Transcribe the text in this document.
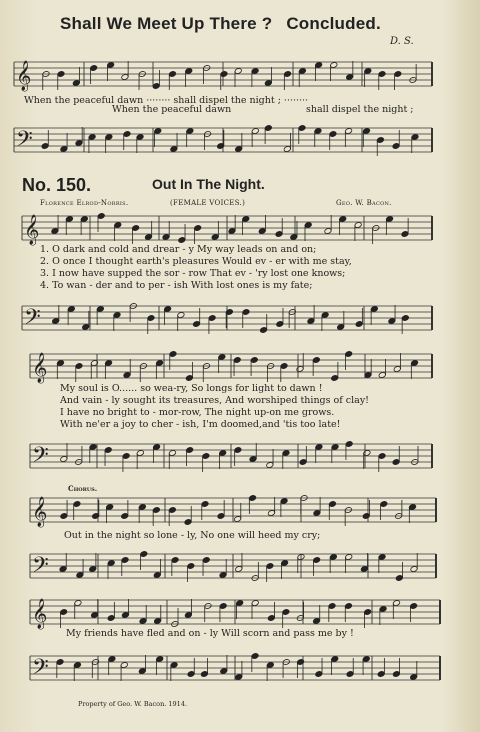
Shall We Meet Up There ? Concluded.
D. S.
𝄞
When the peaceful dawn ········ shall dispel the night ; ········
When the peaceful dawn	shall dispel the night ;
𝄢
No. 150.	Out In The Night.
Florence Elrod-Norris.	(FEMALE VOICES.)	Geo. W. Bacon.
𝄞
1. O dark and cold and drear - y My way leads on and on;
2. O once I thought earth's pleasures Would ev - er with me stay,
3. I now have supped the sor - row That ev - 'ry lost one knows;
4. To wan - der and to per - ish With lost ones is my fate;
𝄢
𝄞
My soul is O...... so wea-ry, So longs for light to dawn !
And vain - ly sought its treasures, And worshiped things of clay!
I have no bright to - mor-row, The night up-on me grows.
With ne'er a joy to cher - ish, I'm doomed,and 'tis too late!
𝄢
Chorus.
𝄞
Out in the night so lone - ly, No one will heed my cry;
𝄢
𝄞
My friends have fled and on - ly Will scorn and pass me by !
𝄢
Property of Geo. W. Bacon. 1914.
